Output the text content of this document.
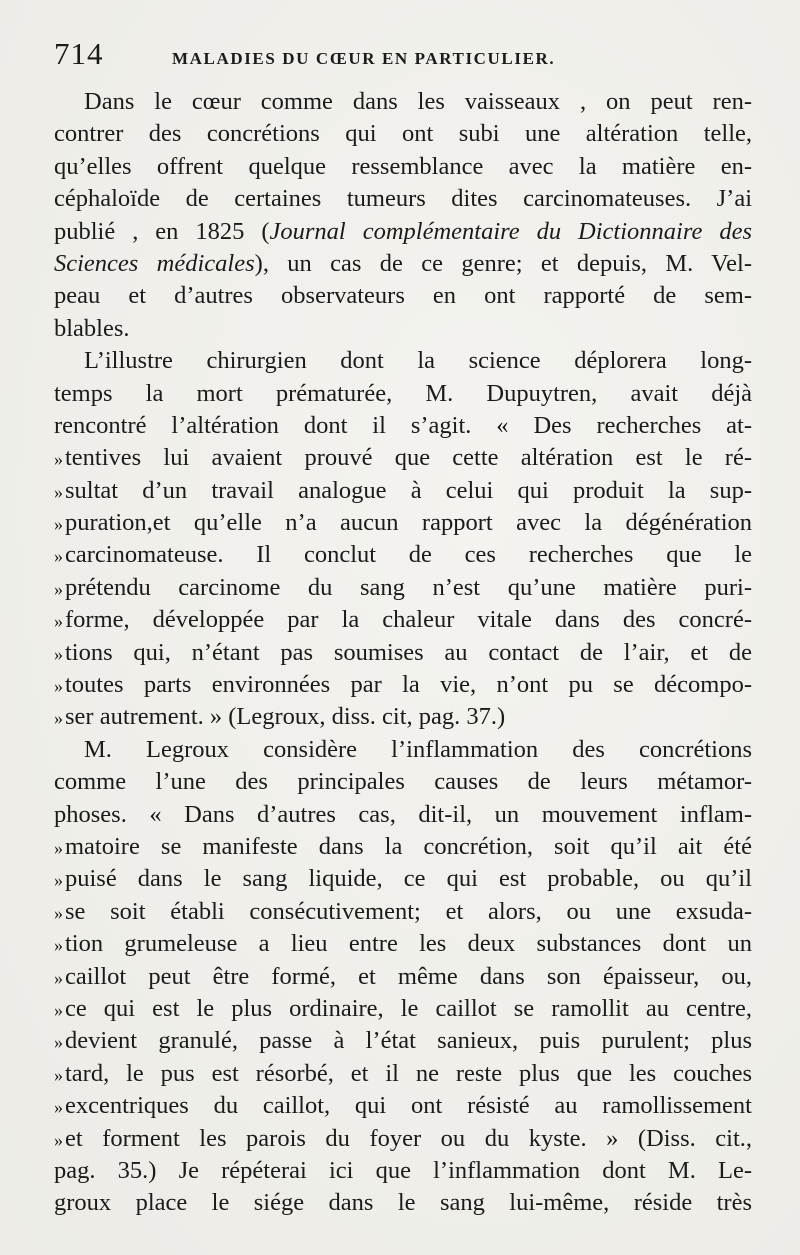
714	MALADIES DU CŒUR EN PARTICULIER.
Dans le cœur comme dans les vaisseaux , on peut ren-
contrer des concrétions qui ont subi une altération telle,
qu’elles offrent quelque ressemblance avec la matière en-
céphaloïde de certaines tumeurs dites carcinomateuses. J’ai
publié , en 1825 (Journal complémentaire du Dictionnaire des
Sciences médicales), un cas de ce genre; et depuis, M. Vel-
peau et d’autres observateurs en ont rapporté de sem-
blables.
L’illustre chirurgien dont la science déplorera long-
temps la mort prématurée, M. Dupuytren, avait déjà
rencontré l’altération dont il s’agit. « Des recherches at-
» tentives lui avaient prouvé que cette altération est le ré-
» sultat d’un travail analogue à celui qui produit la sup-
» puration,et qu’elle n’a aucun rapport avec la dégénération
» carcinomateuse. Il conclut de ces recherches que le
» prétendu carcinome du sang n’est qu’une matière puri-
» forme, développée par la chaleur vitale dans des concré-
» tions qui, n’étant pas soumises au contact de l’air, et de
» toutes parts environnées par la vie, n’ont pu se décompo-
» ser autrement. » (Legroux, diss. cit, pag. 37.)
M. Legroux considère l’inflammation des concrétions
comme l’une des principales causes de leurs métamor-
phoses. « Dans d’autres cas, dit-il, un mouvement inflam-
» matoire se manifeste dans la concrétion, soit qu’il ait été
» puisé dans le sang liquide, ce qui est probable, ou qu’il
» se soit établi consécutivement; et alors, ou une exsuda-
» tion grumeleuse a lieu entre les deux substances dont un
» caillot peut être formé, et même dans son épaisseur, ou,
» ce qui est le plus ordinaire, le caillot se ramollit au centre,
» devient granulé, passe à l’état sanieux, puis purulent; plus
» tard, le pus est résorbé, et il ne reste plus que les couches
» excentriques du caillot, qui ont résisté au ramollissement
» et forment les parois du foyer ou du kyste. » (Diss. cit.,
pag. 35.) Je répéterai ici que l’inflammation dont M. Le-
groux place le siége dans le sang lui-même, réside très
